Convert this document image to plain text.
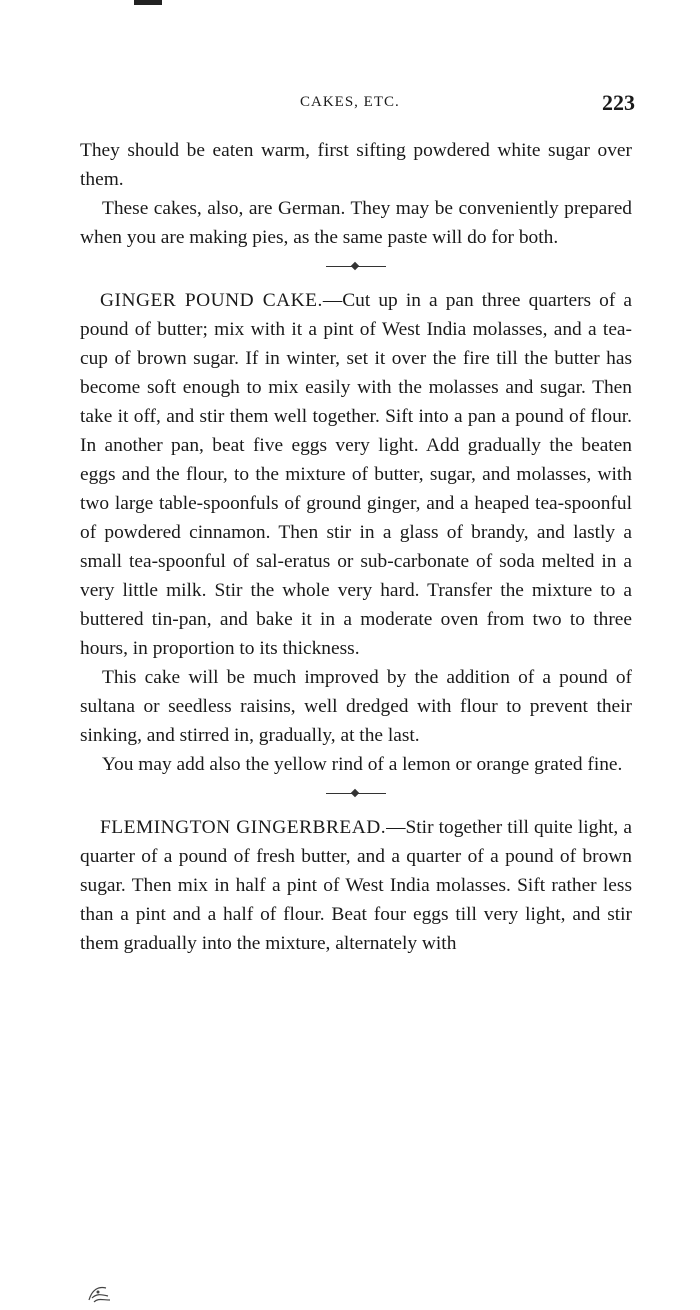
CAKES, ETC.	223

They should be eaten warm, first sifting powdered white sugar over them.

These cakes, also, are German. They may be conveniently prepared when you are making pies, as the same paste will do for both.

GINGER POUND CAKE.—Cut up in a pan three quarters of a pound of butter; mix with it a pint of West India molasses, and a tea-cup of brown sugar. If in winter, set it over the fire till the butter has become soft enough to mix easily with the molasses and sugar. Then take it off, and stir them well together. Sift into a pan a pound of flour. In another pan, beat five eggs very light. Add gradually the beaten eggs and the flour, to the mixture of butter, sugar, and molasses, with two large table-spoonfuls of ground ginger, and a heaped tea-spoonful of powdered cinnamon. Then stir in a glass of brandy, and lastly a small tea-spoonful of sal-eratus or sub-carbonate of soda melted in a very little milk. Stir the whole very hard. Transfer the mixture to a buttered tin-pan, and bake it in a moderate oven from two to three hours, in proportion to its thickness.

This cake will be much improved by the addition of a pound of sultana or seedless raisins, well dredged with flour to prevent their sinking, and stirred in, gradually, at the last.

You may add also the yellow rind of a lemon or orange grated fine.

FLEMINGTON GINGERBREAD.—Stir together till quite light, a quarter of a pound of fresh butter, and a quarter of a pound of brown sugar. Then mix in half a pint of West India molasses. Sift rather less than a pint and a half of flour. Beat four eggs till very light, and stir them gradually into the mixture, alternately with
